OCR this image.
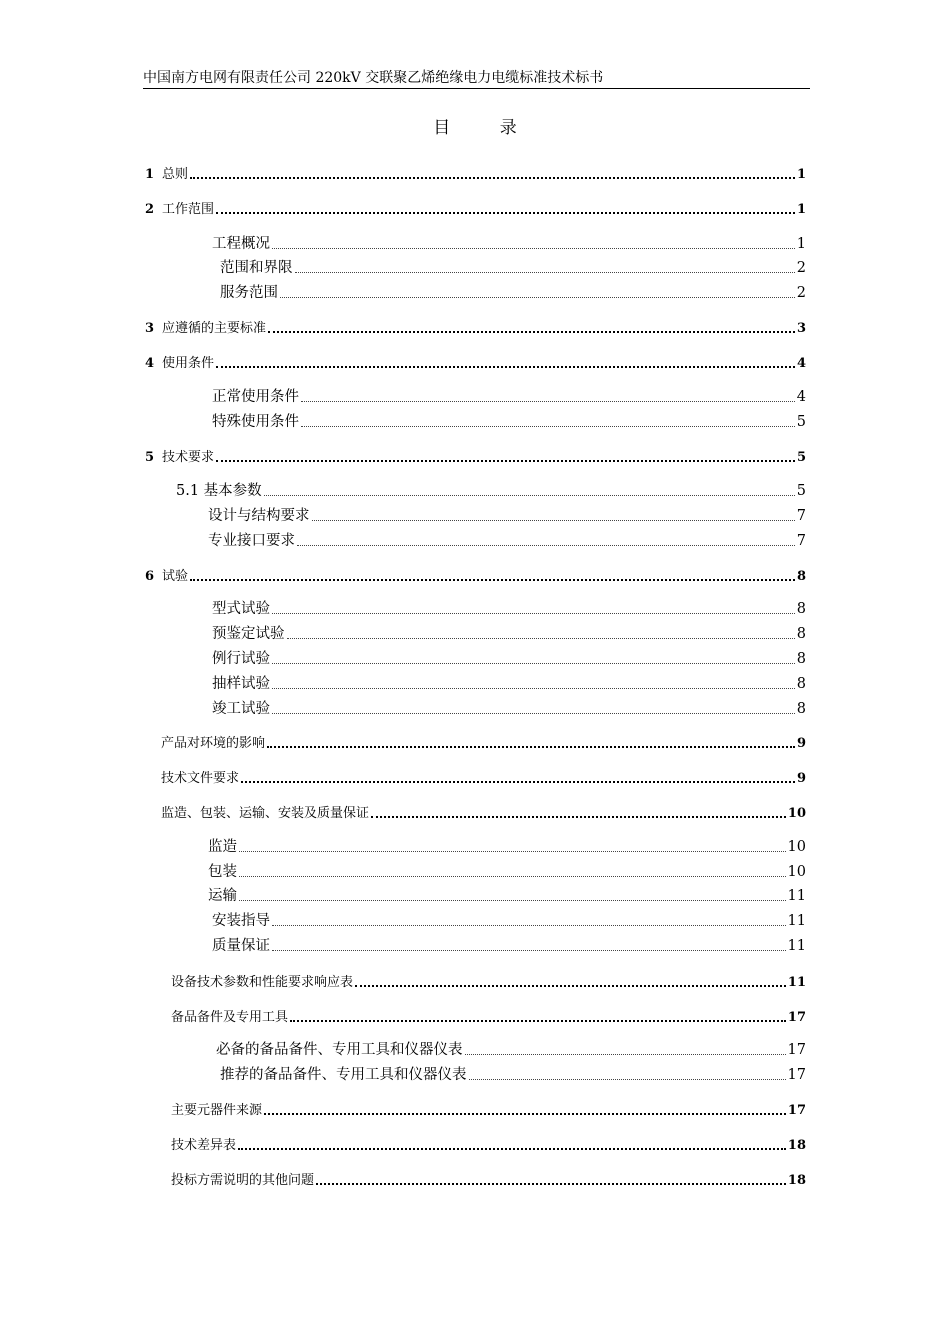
中国南方电网有限责任公司 220kV 交联聚乙烯绝缘电力电缆标准技术标书
目 录
1 总则	1
2 工作范围	1
工程概况	1
范围和界限	2
服务范围	2
3 应遵循的主要标准	3
4 使用条件	4
正常使用条件	4
特殊使用条件	5
5 技术要求	5
5.1 基本参数	5
设计与结构要求	7
专业接口要求	7
6 试验	8
型式试验	8
预鉴定试验	8
例行试验	8
抽样试验	8
竣工试验	8
产品对环境的影响	9
技术文件要求	9
监造、包装、运输、安装及质量保证	10
监造	10
包装	10
运输	11
安装指导	11
质量保证	11
设备技术参数和性能要求响应表	11
备品备件及专用工具	17
必备的备品备件、专用工具和仪器仪表	17
推荐的备品备件、专用工具和仪器仪表	17
主要元器件来源	17
技术差异表	18
投标方需说明的其他问题	18
